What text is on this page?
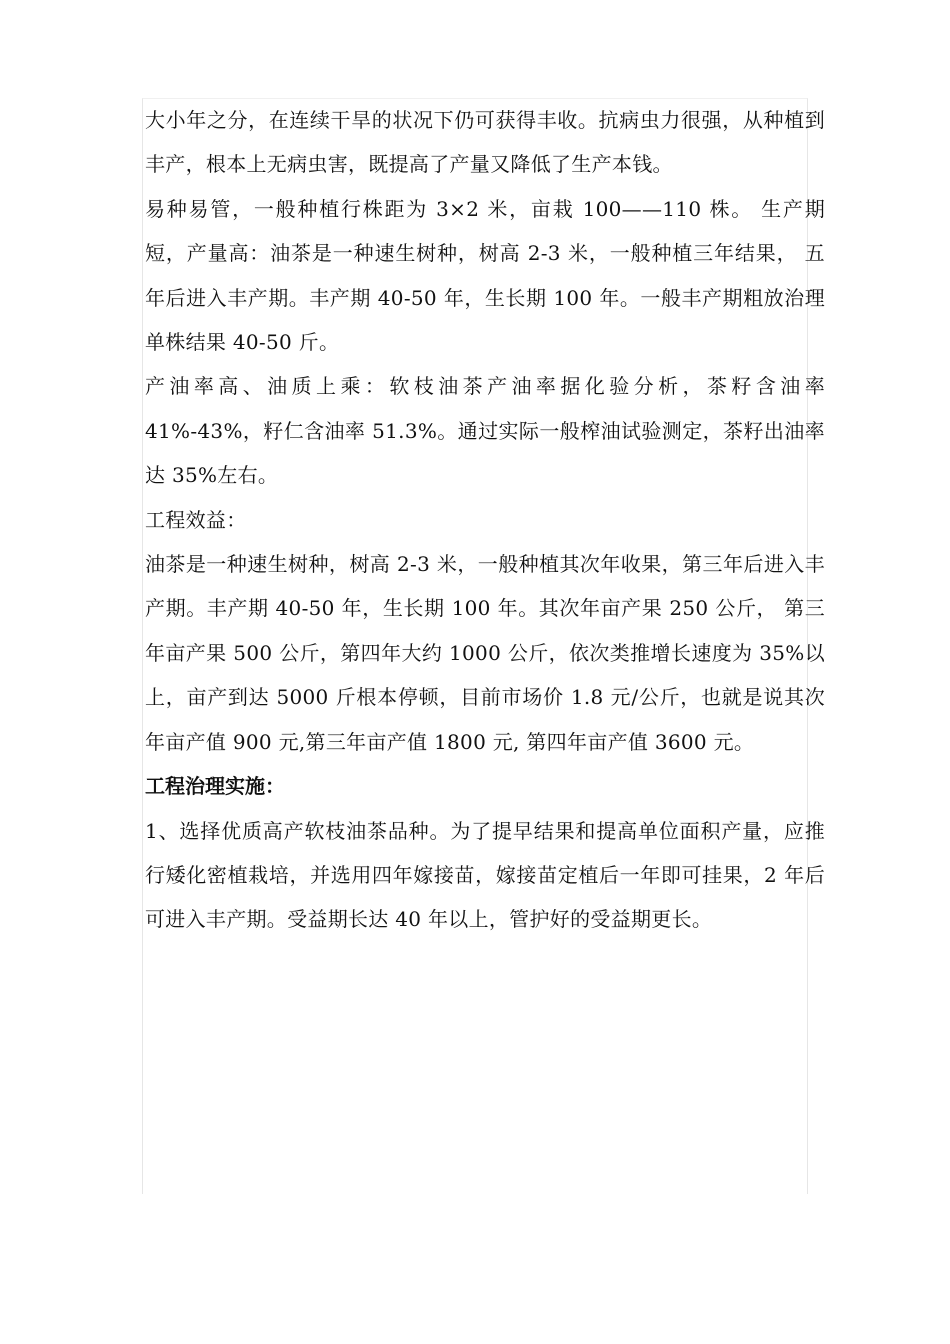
大小年之分，在连续干旱的状况下仍可获得丰收。抗病虫力很强，从种植到丰产，根本上无病虫害，既提高了产量又降低了生产本钱。

易种易管，一般种植行株距为 3×2 米，亩栽 100——110 株。 生产期短，产量高：油茶是一种速生树种，树高 2-3 米，一般种植三年结果， 五年后进入丰产期。丰产期 40-50 年，生长期 100 年。一般丰产期粗放治理单株结果 40-50 斤。

产油率高、油质上乘：软枝油茶产油率据化验分析，茶籽含油率 41%-43%，籽仁含油率 51.3%。通过实际一般榨油试验测定，茶籽出油率达 35%左右。

工程效益：

油茶是一种速生树种，树高 2-3 米，一般种植其次年收果，第三年后进入丰产期。丰产期 40-50 年，生长期 100 年。其次年亩产果 250 公斤， 第三年亩产果 500 公斤，第四年大约 1000 公斤，依次类推增长速度为 35%以上，亩产到达 5000 斤根本停顿，目前市场价 1.8 元/公斤，也就是说其次年亩产值 900 元,第三年亩产值 1800 元, 第四年亩产值 3600 元。

工程治理实施：

1、选择优质高产软枝油茶品种。为了提早结果和提高单位面积产量，应推行矮化密植栽培，并选用四年嫁接苗，嫁接苗定植后一年即可挂果，2 年后可进入丰产期。受益期长达 40 年以上，管护好的受益期更长。
